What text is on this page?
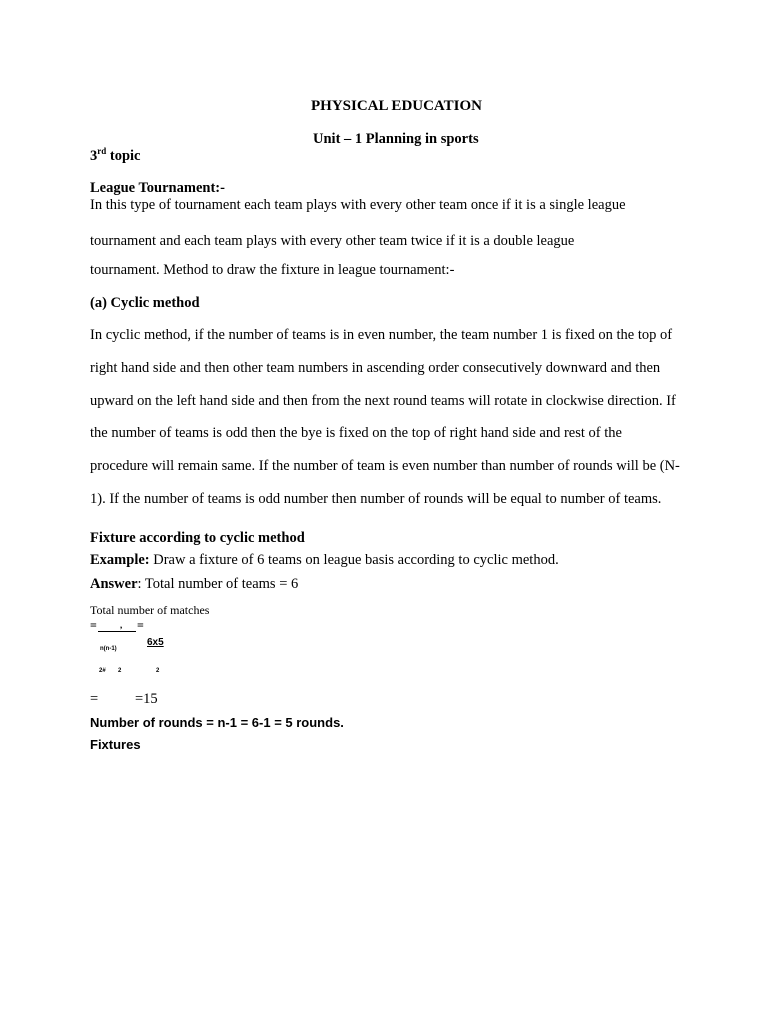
PHYSICAL EDUCATION
Unit – 1 Planning in sports
3rd topic
League Tournament:-
In this type of tournament each team plays with every other team once if it is a single league
tournament and each team plays with every other team twice if it is a double league
tournament. Method to draw the fixture in league tournament:-
(a) Cyclic method
In cyclic method, if the number of teams is in even number, the team number 1 is fixed on the top of
right hand side and then other team numbers in ascending order consecutively downward and then
upward on the left hand side and then from the next round teams will rotate in clockwise direction. If
the number of teams is odd then the bye is fixed on the top of right hand side and rest of the
procedure will remain same. If the number of team is even number than number of rounds will be (N-
1). If the number of teams is odd number then number of rounds will be equal to number of teams.
Fixture according to cyclic method
Example: Draw a fixture of 6 teams on league basis according to cyclic method.
Answer: Total number of teams = 6
Total number of matches
=	, =
n(n-1)
6x5
2# 2	2
=	=15
Number of rounds = n-1 = 6-1 = 5 rounds.
Fixtures
